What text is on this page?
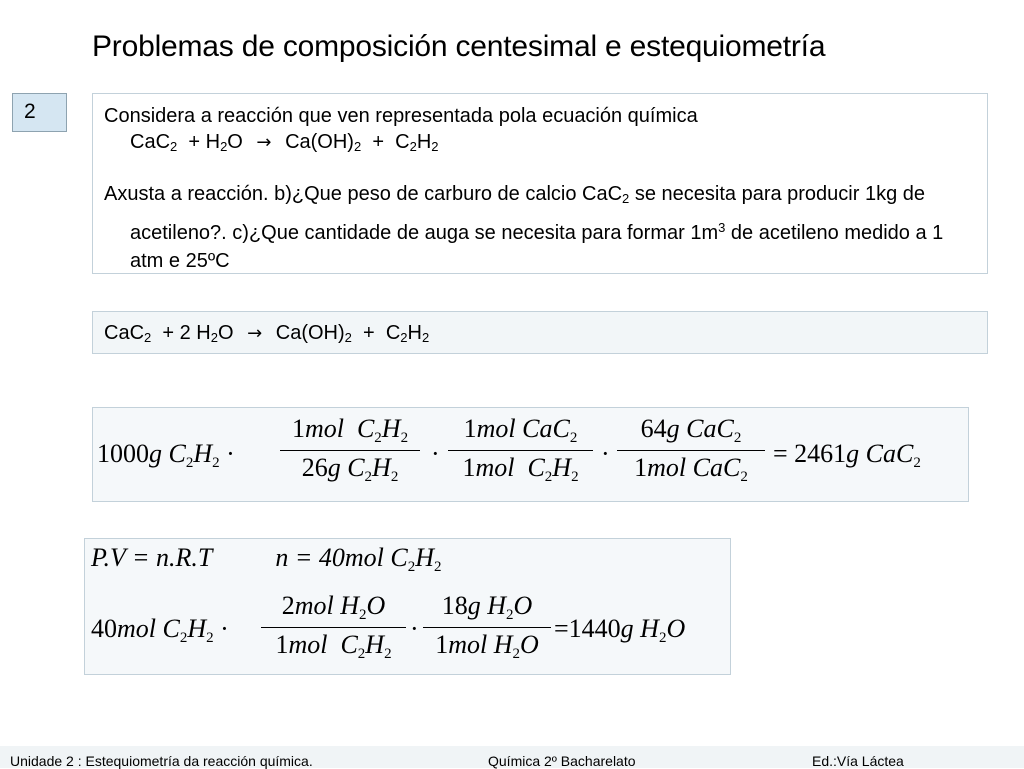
Problemas de composición centesimal e estequiometría
2	Considera a reacción que ven representada pola ecuación química
$CaC_2 + H_2O \to Ca(OH)_2 + C_2H_2$

Axusta a reacción. b)¿Que peso de carburo de calcio CaC$_2$ se necesita para producir 1kg de acetileno?. c)¿Que cantidade de auga se necesita para formar $1m^3$ de acetileno medido a 1 atm e 25ºC

CaC$_2$ + 2 $H_2O \to Ca(OH)_2 + C_2H_2$
1000g $C_2H_2$ ·
1mol $C_2H_2$
26g $C_2H_2$
·
1mol CaC$_2$
1mol $C_2H_2$
·
64g CaC$_2$
1mol CaC$_2$
= 2461g CaC$_2$
P.V = n.R.T n = 40mol $C_2H_2$
40mol $C_2H_2$ ·
2mol $H_2O$
1mol $C_2H_2$
·
18g $H_2O$
1mol $H_2O$
=1440g $H_2O$
Unidade 2 : Estequiometría da reacción química.	Química 2º Bacharelato	Ed.:Vía Láctea
